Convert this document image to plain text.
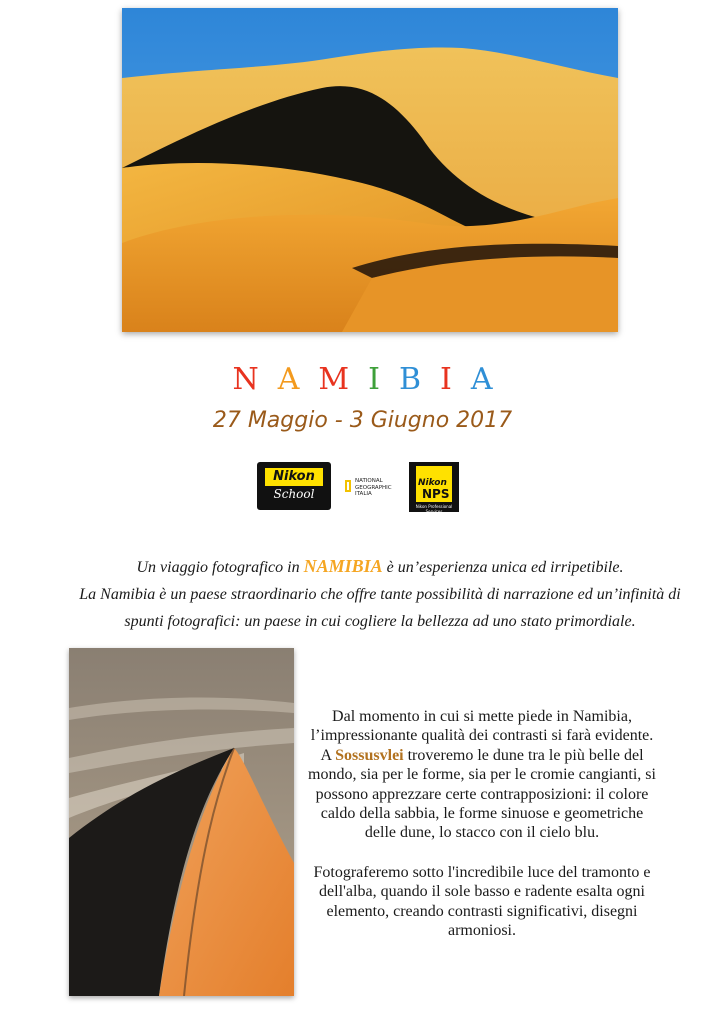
NAMIBIA
27 Maggio - 3 Giugno 2017
Nikon
School
NATIONAL
GEOGRAPHIC
ITALIA
Nikon
NPS
Nikon Professional Services

Un viaggio fotografico in NAMIBIA è un’esperienza unica ed irripetibile.

La Namibia è un paese straordinario che offre tante possibilità di narrazione ed un’infinità di spunti fotografici: un paese in cui cogliere la bellezza ad uno stato primordiale.

Dal momento in cui si mette piede in Namibia, l’impressionante qualità dei contrasti si farà evidente. A Sossusvlei troveremo le dune tra le più belle del mondo, sia per le forme, sia per le cromie cangianti, si possono apprezzare certe contrapposizioni: il colore caldo della sabbia, le forme sinuose e geometriche delle dune, lo stacco con il cielo blu.

Fotograferemo sotto l'incredibile luce del tramonto e dell'alba, quando il sole basso e radente esalta ogni elemento, creando contrasti significativi, disegni armoniosi.
